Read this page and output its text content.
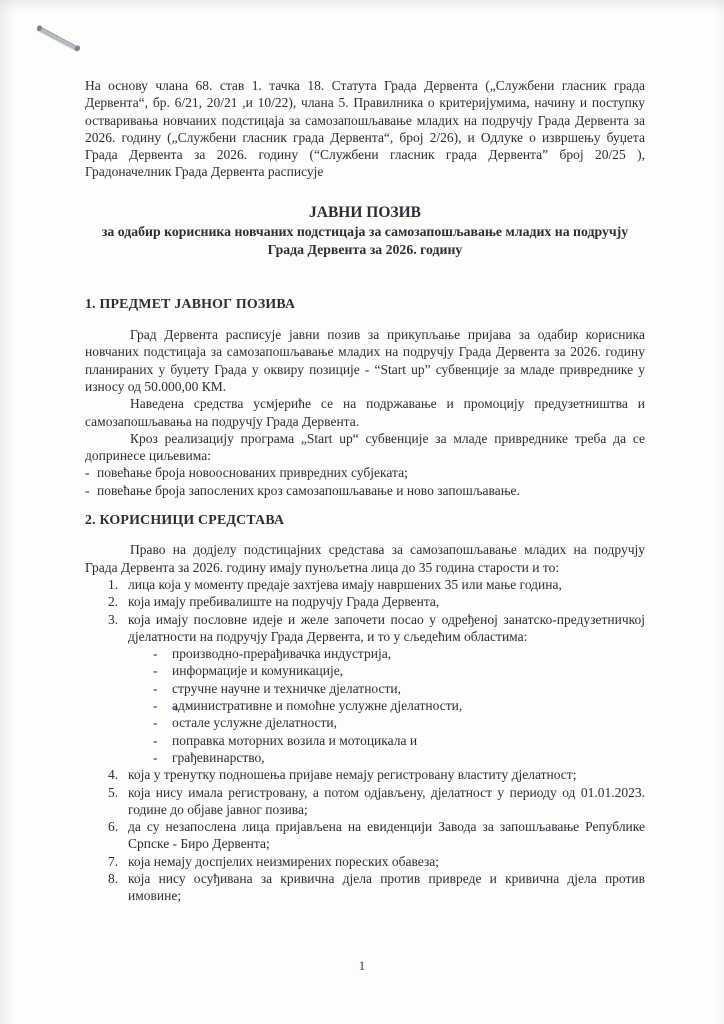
На основу члана 68. став 1. тачка 18. Статута Града Дервента („Службени гласник града Дервента“, бр. 6/21, 20/21 ,и 10/22), члана 5. Правилника о критеријумима, начину и поступку остваривања новчаних подстицаја за самозапошљавање младих на подручју Града Дервента за 2026. годину („Службени гласник града Дервента“, број 2/26), и Одлуке о извршењу буџета Града Дервента за 2026. годину (“Службени гласник града Дервента” број 20/25 ), Градоначелник Града Дервента расписује

ЈАВНИ ПОЗИВ
за одабир корисника новчаних подстицаја за самозапошљавање младих на подручју Града Дервента за 2026. годину
1. ПРЕДМЕТ ЈАВНОГ ПОЗИВА

Град Дервента расписује јавни позив за прикупљање пријава за одабир корисника новчаних подстицаја за самозапошљавање младих на подручју Града Дервента за 2026. годину планираних у буџету Града у оквиру позиције - “Start up” субвенције за младе привреднике у износу од 50.000,00 КМ.

Наведена средства усмјериће се на подржавање и промоцију предузетништва и самозапошљавања на подручју Града Дервента.

Кроз реализацију програма „Start up“ субвенције за младе привреднике треба да се допринесе циљевима:

- повећање броја новооснованих привредних субјеката;
- повећање броја запослених кроз самозапошљавање и ново запошљавање.
2. КОРИСНИЦИ СРЕДСТАВА

Право на додјелу подстицајних средстава за самозапошљавање младих на подручју Града Дервента за 2026. годину имају пунољетна лица до 35 година старости и то:

1. лица која у моменту предаје захтјева имају навршених 35 или мање година,
2. која имају пребивалиште на подручју Града Дервента,
3. која имају пословне идеје и желе започети посао у одређеној занатско-предузетничкој дјелатности на подручју Града Дервента, и то у сљедећим областима:
-	производно-прерађивачка индустрија,
-	информације и комуникације,
-	стручне научне и техничке дјелатности,
-	административне и помоћне услужне дјелатности,
-	остале услужне дјелатности,
-	поправка моторних возила и мотоцикала и
-	грађевинарство,
4. која у тренутку подношења пријаве немају регистровану властиту дјелатност;
5. која нису имала регистровану, а потом одјављену, дјелатност у периоду од 01.01.2023. године до објаве јавног позива;
6. да су незапослена лица пријављена на евиденцији Завода за запошљавање Републике Српске - Биро Дервента;
7. која немају доспјелих неизмирених пореских обавеза;
8. која нису осуђивана за кривична дјела против привреде и кривична дјела против имовине;
1
